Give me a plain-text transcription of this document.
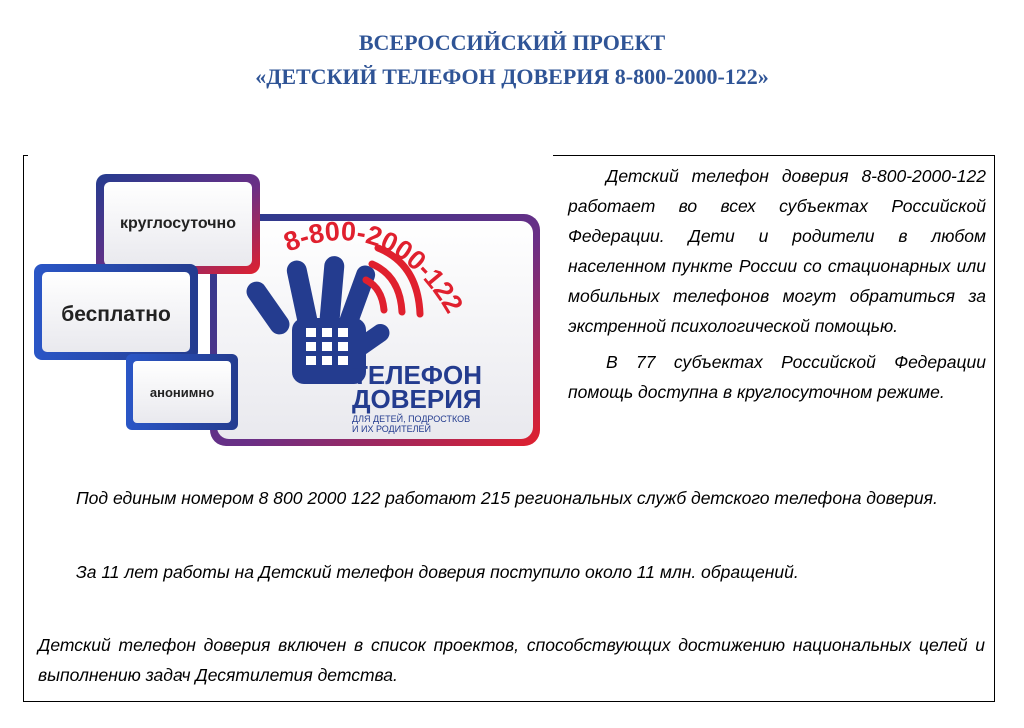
ВСЕРОССИЙСКИЙ ПРОЕКТ
«ДЕТСКИЙ ТЕЛЕФОН ДОВЕРИЯ 8-800-2000-122»
круглосуточно
бесплатно
анонимно
8-800-2000-122
ТЕЛЕФОН
ДОВЕРИЯ
ДЛЯ ДЕТЕЙ, ПОДРОСТКОВ
И ИХ РОДИТЕЛЕЙ

Детский телефон доверия 8-800-2000-122 работает во всех субъектах Российской Федерации. Дети и родители в любом населенном пункте России со стационарных или мобильных телефонов могут обратиться за экстренной психологической помощью.

В 77 субъектах Российской Федерации помощь доступна в круглосуточном режиме.

Под единым номером 8 800 2000 122 работают 215 региональных служб детского телефона доверия.

За 11 лет работы на Детский телефон доверия поступило около 11 млн. обращений.

Детский телефон доверия включен в список проектов, способствующих достижению национальных целей и выполнению задач Десятилетия детства.
